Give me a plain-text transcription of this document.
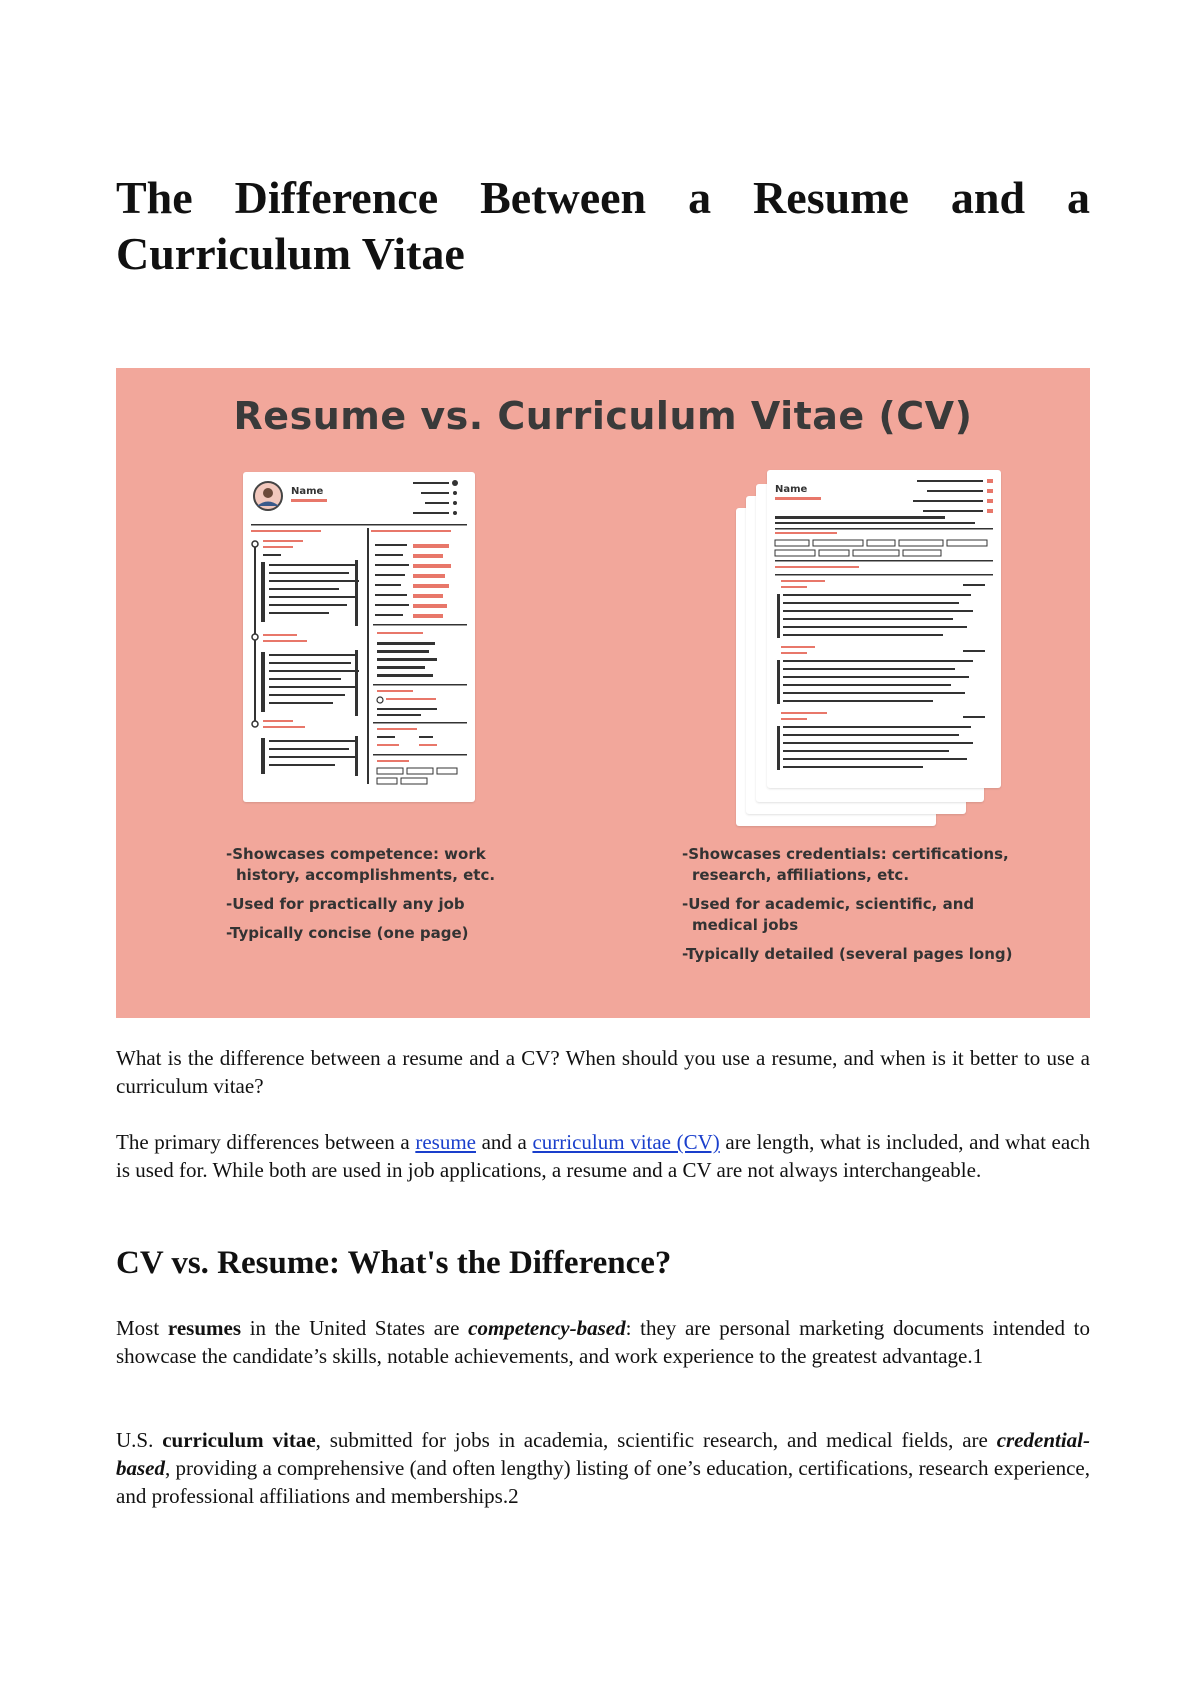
The Difference Between a Resume and a Curriculum Vitae
Resume vs. Curriculum Vitae (CV)
Name	Name
-Showcases competence: work
history, accomplishments, etc.
-Used for practically any job
-Typically concise (one page)
-Showcases credentials: certifications,
research, affiliations, etc.
-Used for academic, scientific, and
medical jobs
-Typically detailed (several pages long)

What is the difference between a resume and a CV? When should you use a resume, and when is it better to use a curriculum vitae?

The primary differences between a resume and a curriculum vitae (CV) are length, what is included, and what each is used for. While both are used in job applications, a resume and a CV are not always interchangeable.

CV vs. Resume: What's the Difference?

Most resumes in the United States are competency-based: they are personal marketing documents intended to showcase the candidate’s skills, notable achievements, and work experience to the greatest advantage.1

U.S. curriculum vitae, submitted for jobs in academia, scientific research, and medical fields, are credential-based, providing a comprehensive (and often lengthy) listing of one’s education, certifications, research experience, and professional affiliations and memberships.2
